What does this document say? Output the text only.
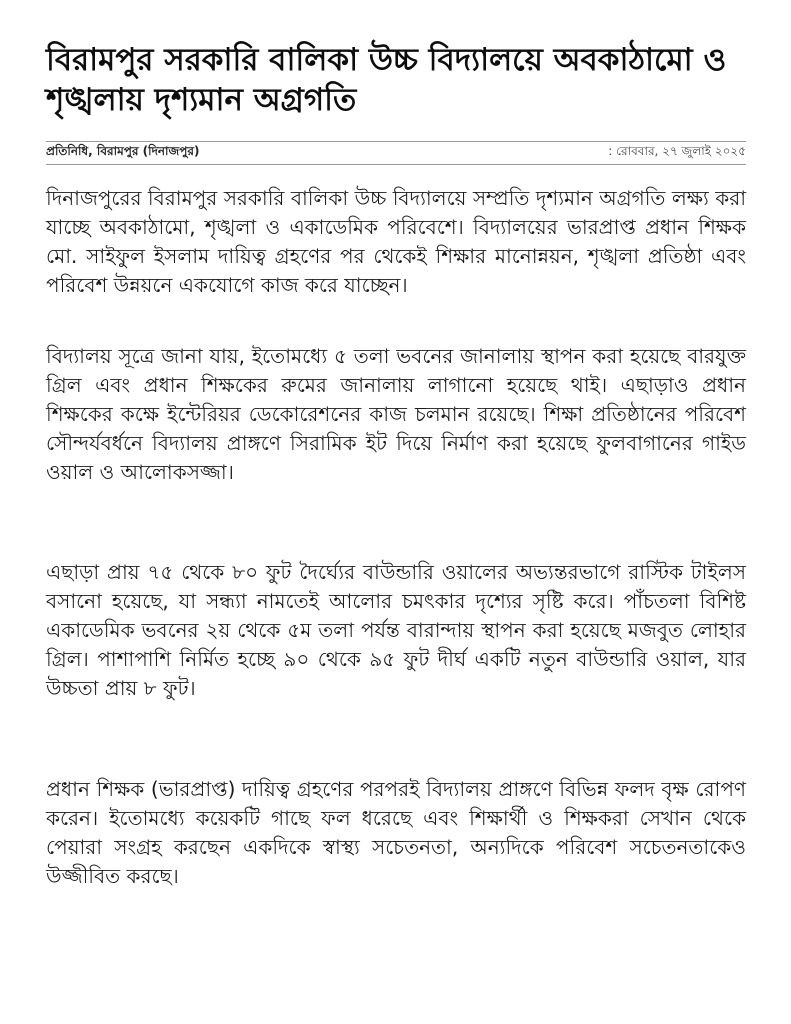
বিরামপুর সরকারি বালিকা উচ্চ বিদ্যালয়ে অবকাঠামো ও শৃঙ্খলায় দৃশ্যমান অগ্রগতি
প্রতিনিধি, বিরামপুর (দিনাজপুর)	: রোববার, ২৭ জুলাই ২০২৫

দিনাজপুরের বিরামপুর সরকারি বালিকা উচ্চ বিদ্যালয়ে সম্প্রতি দৃশ্যমান অগ্রগতি লক্ষ্য করা যাচ্ছে অবকাঠামো, শৃঙ্খলা ও একাডেমিক পরিবেশে। বিদ্যালয়ের ভারপ্রাপ্ত প্রধান শিক্ষক মো. সাইফুল ইসলাম দায়িত্ব গ্রহণের পর থেকেই শিক্ষার মানোন্নয়ন, শৃঙ্খলা প্রতিষ্ঠা এবং পরিবেশ উন্নয়নে একযোগে কাজ করে যাচ্ছেন।

বিদ্যালয় সূত্রে জানা যায়, ইতোমধ্যে ৫ তলা ভবনের জানালায় স্থাপন করা হয়েছে বারযুক্ত গ্রিল এবং প্রধান শিক্ষকের রুমের জানালায় লাগানো হয়েছে থাই। এছাড়াও প্রধান শিক্ষকের কক্ষে ইন্টেরিয়র ডেকোরেশনের কাজ চলমান রয়েছে। শিক্ষা প্রতিষ্ঠানের পরিবেশ সৌন্দর্যবর্ধনে বিদ্যালয় প্রাঙ্গণে সিরামিক ইট দিয়ে নির্মাণ করা হয়েছে ফুলবাগানের গাইড ওয়াল ও আলোকসজ্জা।

এছাড়া প্রায় ৭৫ থেকে ৮০ ফুট দৈর্ঘ্যের বাউন্ডারি ওয়ালের অভ্যন্তরভাগে রাস্টিক টাইলস বসানো হয়েছে, যা সন্ধ্যা নামতেই আলোর চমৎকার দৃশ্যের সৃষ্টি করে। পাঁচতলা বিশিষ্ট একাডেমিক ভবনের ২য় থেকে ৫ম তলা পর্যন্ত বারান্দায় স্থাপন করা হয়েছে মজবুত লোহার গ্রিল। পাশাপাশি নির্মিত হচ্ছে ৯০ থেকে ৯৫ ফুট দীর্ঘ একটি নতুন বাউন্ডারি ওয়াল, যার উচ্চতা প্রায় ৮ ফুট।

প্রধান শিক্ষক (ভারপ্রাপ্ত) দায়িত্ব গ্রহণের পরপরই বিদ্যালয় প্রাঙ্গণে বিভিন্ন ফলদ বৃক্ষ রোপণ করেন। ইতোমধ্যে কয়েকটি গাছে ফল ধরেছে এবং শিক্ষার্থী ও শিক্ষকরা সেখান থেকে পেয়ারা সংগ্রহ করছেন একদিকে স্বাস্থ্য সচেতনতা, অন্যদিকে পরিবেশ সচেতনতাকেও উজ্জীবিত করছে।
